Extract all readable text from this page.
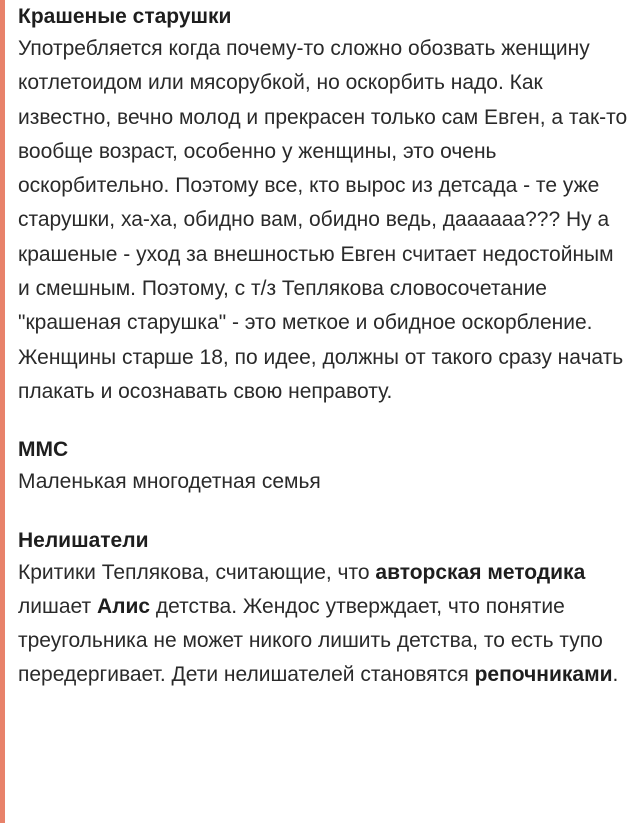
Крашеные старушки

Употребляется когда почему-то сложно обозвать женщину котлетоидом или мясорубкой, но оскорбить надо. Как известно, вечно молод и прекрасен только сам Евген, а так-то вообще возраст, особенно у женщины, это очень оскорбительно. Поэтому все, кто вырос из детсада - те уже старушки, ха-ха, обидно вам, обидно ведь, даааааа??? Ну а крашеные - уход за внешностью Евген считает недостойным и смешным. Поэтому, с т/з Теплякова словосочетание "крашеная старушка" - это меткое и обидное оскорбление. Женщины старше 18, по идее, должны от такого сразу начать плакать и осознавать свою неправоту.

ММС

Маленькая многодетная семья

Нелишатели

Критики Теплякова, считающие, что авторская методика лишает Алис детства. Жендос утверждает, что понятие треугольника не может никого лишить детства, то есть тупо передергивает. Дети нелишателей становятся репочниками.
